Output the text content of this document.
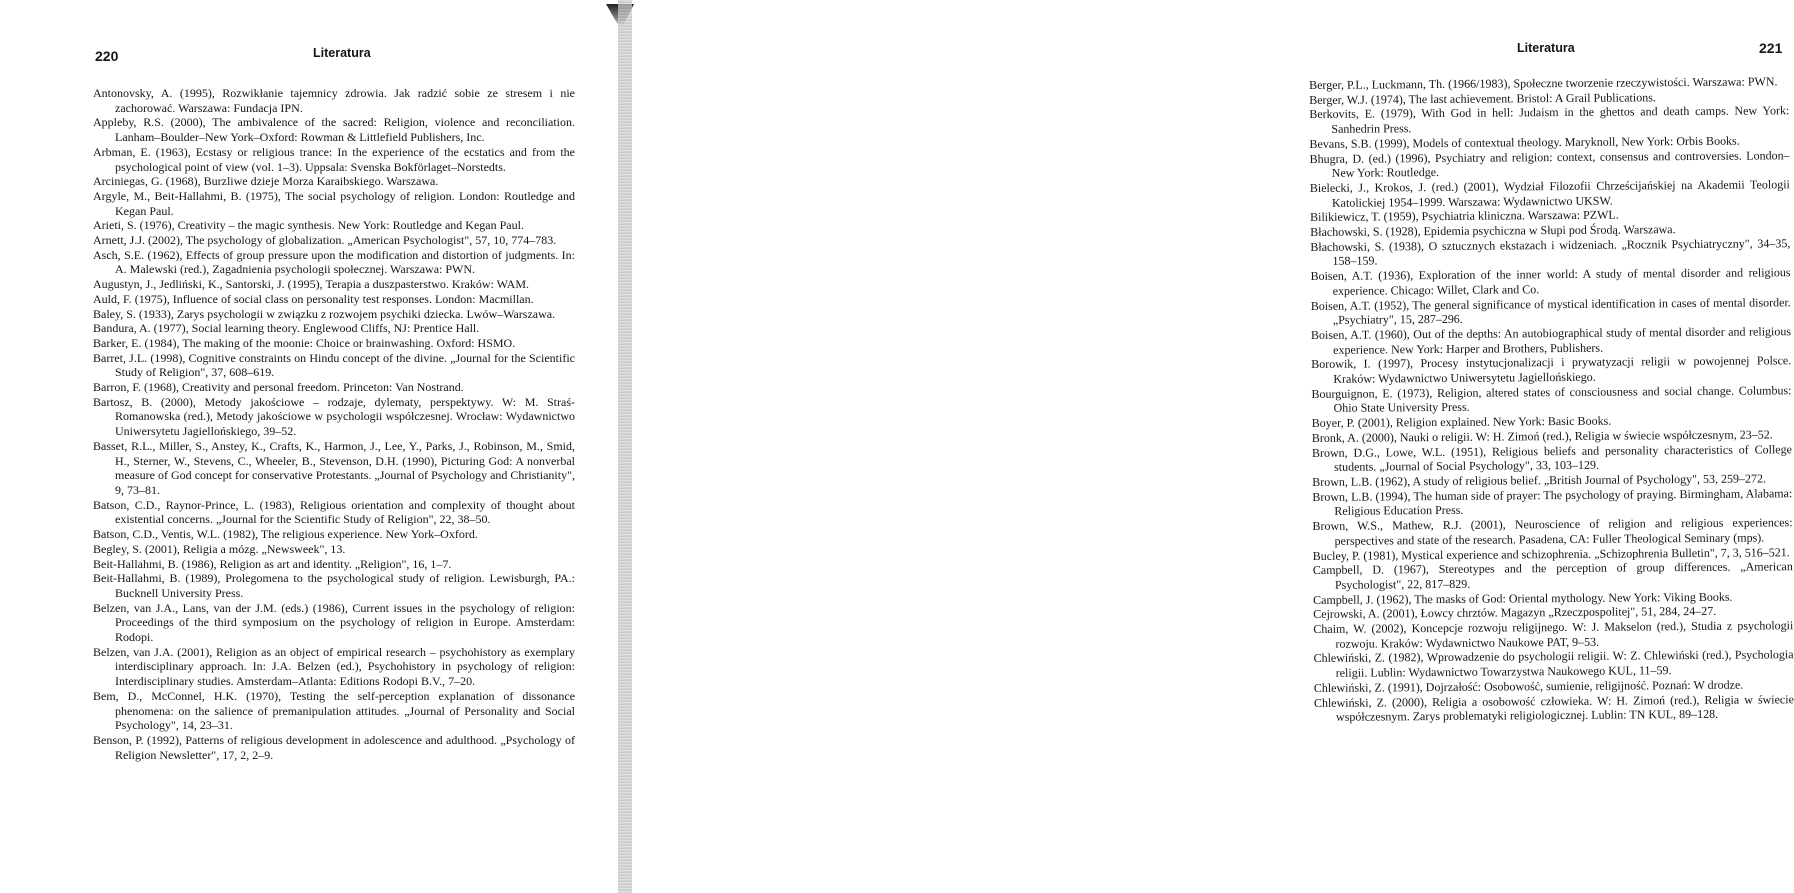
220	Literatura

Antonovsky, A. (1995), Rozwikłanie tajemnicy zdrowia. Jak radzić sobie ze stresem i nie zachorować. Warszawa: Fundacja IPN.

Appleby, R.S. (2000), The ambivalence of the sacred: Religion, violence and reconciliation. Lanham–Boulder–New York–Oxford: Rowman & Littlefield Publishers, Inc.

Arbman, E. (1963), Ecstasy or religious trance: In the experience of the ecstatics and from the psychological point of view (vol. 1–3). Uppsala: Svenska Bokförlaget–Norstedts.

Arciniegas, G. (1968), Burzliwe dzieje Morza Karaibskiego. Warszawa.

Argyle, M., Beit-Hallahmi, B. (1975), The social psychology of religion. London: Routledge and Kegan Paul.

Arieti, S. (1976), Creativity – the magic synthesis. New York: Routledge and Kegan Paul.

Arnett, J.J. (2002), The psychology of globalization. „American Psychologist", 57, 10, 774–783.

Asch, S.E. (1962), Effects of group pressure upon the modification and distortion of judgments. In: A. Malewski (red.), Zagadnienia psychologii społecznej. Warszawa: PWN.

Augustyn, J., Jedliński, K., Santorski, J. (1995), Terapia a duszpasterstwo. Kraków: WAM.

Auld, F. (1975), Influence of social class on personality test responses. London: Macmillan.

Baley, S. (1933), Zarys psychologii w związku z rozwojem psychiki dziecka. Lwów–Warszawa.

Bandura, A. (1977), Social learning theory. Englewood Cliffs, NJ: Prentice Hall.

Barker, E. (1984), The making of the moonie: Choice or brainwashing. Oxford: HSMO.

Barret, J.L. (1998), Cognitive constraints on Hindu concept of the divine. „Journal for the Scientific Study of Religion", 37, 608–619.

Barron, F. (1968), Creativity and personal freedom. Princeton: Van Nostrand.

Bartosz, B. (2000), Metody jakościowe – rodzaje, dylematy, perspektywy. W: M. Straś-Romanowska (red.), Metody jakościowe w psychologii współczesnej. Wrocław: Wydawnictwo Uniwersytetu Jagiellońskiego, 39–52.

Basset, R.L., Miller, S., Anstey, K., Crafts, K., Harmon, J., Lee, Y., Parks, J., Robinson, M., Smid, H., Sterner, W., Stevens, C., Wheeler, B., Stevenson, D.H. (1990), Picturing God: A nonverbal measure of God concept for conservative Protestants. „Journal of Psychology and Christianity", 9, 73–81.

Batson, C.D., Raynor-Prince, L. (1983), Religious orientation and complexity of thought about existential concerns. „Journal for the Scientific Study of Religion", 22, 38–50.

Batson, C.D., Ventis, W.L. (1982), The religious experience. New York–Oxford.

Begley, S. (2001), Religia a mózg. „Newsweek", 13.

Beit-Hallahmi, B. (1986), Religion as art and identity. „Religion", 16, 1–7.

Beit-Hallahmi, B. (1989), Prolegomena to the psychological study of religion. Lewisburgh, PA.: Bucknell University Press.

Belzen, van J.A., Lans, van der J.M. (eds.) (1986), Current issues in the psychology of religion: Proceedings of the third symposium on the psychology of religion in Europe. Amsterdam: Rodopi.

Belzen, van J.A. (2001), Religion as an object of empirical research – psychohistory as exemplary interdisciplinary approach. In: J.A. Belzen (ed.), Psychohistory in psychology of religion: Interdisciplinary studies. Amsterdam–Atlanta: Editions Rodopi B.V., 7–20.

Bem, D., McConnel, H.K. (1970), Testing the self-perception explanation of dissonance phenomena: on the salience of premanipulation attitudes. „Journal of Personality and Social Psychology", 14, 23–31.

Benson, P. (1992), Patterns of religious development in adolescence and adulthood. „Psychology of Religion Newsletter", 17, 2, 2–9.

221
Literatura

Berger, P.L., Luckmann, Th. (1966/1983), Społeczne tworzenie rzeczywistości. Warszawa: PWN.

Berger, W.J. (1974), The last achievement. Bristol: A Grail Publications.

Berkovits, E. (1979), With God in hell: Judaism in the ghettos and death camps. New York: Sanhedrin Press.

Bevans, S.B. (1999), Models of contextual theology. Maryknoll, New York: Orbis Books.

Bhugra, D. (ed.) (1996), Psychiatry and religion: context, consensus and controversies. London–New York: Routledge.

Bielecki, J., Krokos, J. (red.) (2001), Wydział Filozofii Chrześcijańskiej na Akademii Teologii Katolickiej 1954–1999. Warszawa: Wydawnictwo UKSW.

Bilikiewicz, T. (1959), Psychiatria kliniczna. Warszawa: PZWL.

Błachowski, S. (1928), Epidemia psychiczna w Słupi pod Środą. Warszawa.

Błachowski, S. (1938), O sztucznych ekstazach i widzeniach. „Rocznik Psychiatryczny", 34–35, 158–159.

Boisen, A.T. (1936), Exploration of the inner world: A study of mental disorder and religious experience. Chicago: Willet, Clark and Co.

Boisen, A.T. (1952), The general significance of mystical identification in cases of mental disorder. „Psychiatry", 15, 287–296.

Boisen, A.T. (1960), Out of the depths: An autobiographical study of mental disorder and religious experience. New York: Harper and Brothers, Publishers.

Borowik, I. (1997), Procesy instytucjonalizacji i prywatyzacji religii w powojennej Polsce. Kraków: Wydawnictwo Uniwersytetu Jagiellońskiego.

Bourguignon, E. (1973), Religion, altered states of consciousness and social change. Columbus: Ohio State University Press.

Boyer, P. (2001), Religion explained. New York: Basic Books.

Bronk, A. (2000), Nauki o religii. W: H. Zimoń (red.), Religia w świecie współczesnym, 23–52.

Brown, D.G., Lowe, W.L. (1951), Religious beliefs and personality characteristics of College students. „Journal of Social Psychology", 33, 103–129.

Brown, L.B. (1962), A study of religious belief. „British Journal of Psychology", 53, 259–272.

Brown, L.B. (1994), The human side of prayer: The psychology of praying. Birmingham, Alabama: Religious Education Press.

Brown, W.S., Mathew, R.J. (2001), Neuroscience of religion and religious experiences: perspectives and state of the research. Pasadena, CA: Fuller Theological Seminary (mps).

Bucley, P. (1981), Mystical experience and schizophrenia. „Schizophrenia Bulletin", 7, 3, 516–521.

Campbell, D. (1967), Stereotypes and the perception of group differences. „American Psychologist", 22, 817–829.

Campbell, J. (1962), The masks of God: Oriental mythology. New York: Viking Books.

Cejrowski, A. (2001), Łowcy chrztów. Magazyn „Rzeczpospolitej", 51, 284, 24–27.

Chaim, W. (2002), Koncepcje rozwoju religijnego. W: J. Makselon (red.), Studia z psychologii rozwoju. Kraków: Wydawnictwo Naukowe PAT, 9–53.

Chlewiński, Z. (1982), Wprowadzenie do psychologii religii. W: Z. Chlewiński (red.), Psychologia religii. Lublin: Wydawnictwo Towarzystwa Naukowego KUL, 11–59.

Chlewiński, Z. (1991), Dojrzałość: Osobowość, sumienie, religijność. Poznań: W drodze.

Chlewiński, Z. (2000), Religia a osobowość człowieka. W: H. Zimoń (red.), Religia w świecie współczesnym. Zarys problematyki religiologicznej. Lublin: TN KUL, 89–128.
